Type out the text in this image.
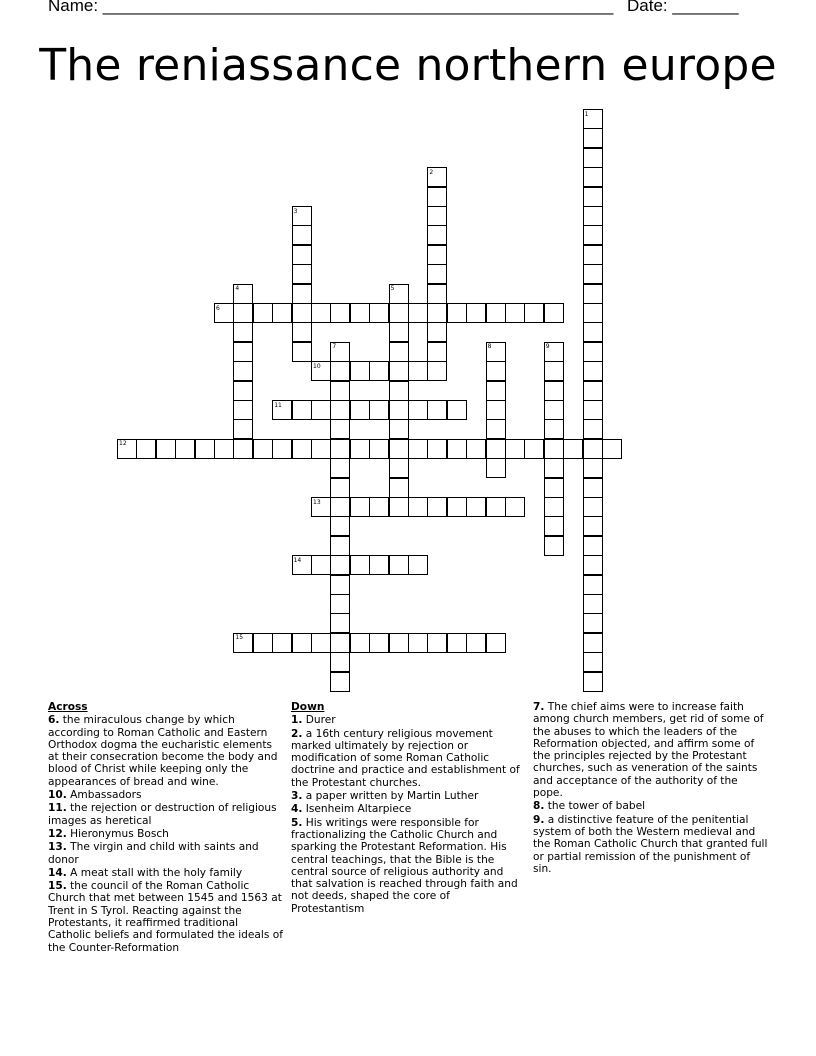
Name: ______________________________________________________ Date: _______
The reniassance northern europe
1
2
3
4	5
6
7	8	9
10
11
12
13
14
15
Across
6. the miraculous change by which according to Roman Catholic and Eastern Orthodox dogma the eucharistic elements at their consecration become the body and blood of Christ while keeping only the appearances of bread and wine.
10. Ambassadors
11. the rejection or destruction of religious images as heretical
12. Hieronymus Bosch
13. The virgin and child with saints and donor
14. A meat stall with the holy family
15. the council of the Roman Catholic Church that met between 1545 and 1563 at Trent in S Tyrol. Reacting against the Protestants, it reaffirmed traditional Catholic beliefs and formulated the ideals of the Counter-Reformation
Down
1. Durer
2. a 16th century religious movement marked ultimately by rejection or modification of some Roman Catholic doctrine and practice and establishment of the Protestant churches.
3. a paper written by Martin Luther
4. Isenheim Altarpiece
5. His writings were responsible for fractionalizing the Catholic Church and sparking the Protestant Reformation. His central teachings, that the Bible is the central source of religious authority and that salvation is reached through faith and not deeds, shaped the core of Protestantism
7. The chief aims were to increase faith among church members, get rid of some of the abuses to which the leaders of the Reformation objected, and affirm some of the principles rejected by the Protestant churches, such as veneration of the saints and acceptance of the authority of the pope.
8. the tower of babel
9. a distinctive feature of the penitential system of both the Western medieval and the Roman Catholic Church that granted full or partial remission of the punishment of sin.
